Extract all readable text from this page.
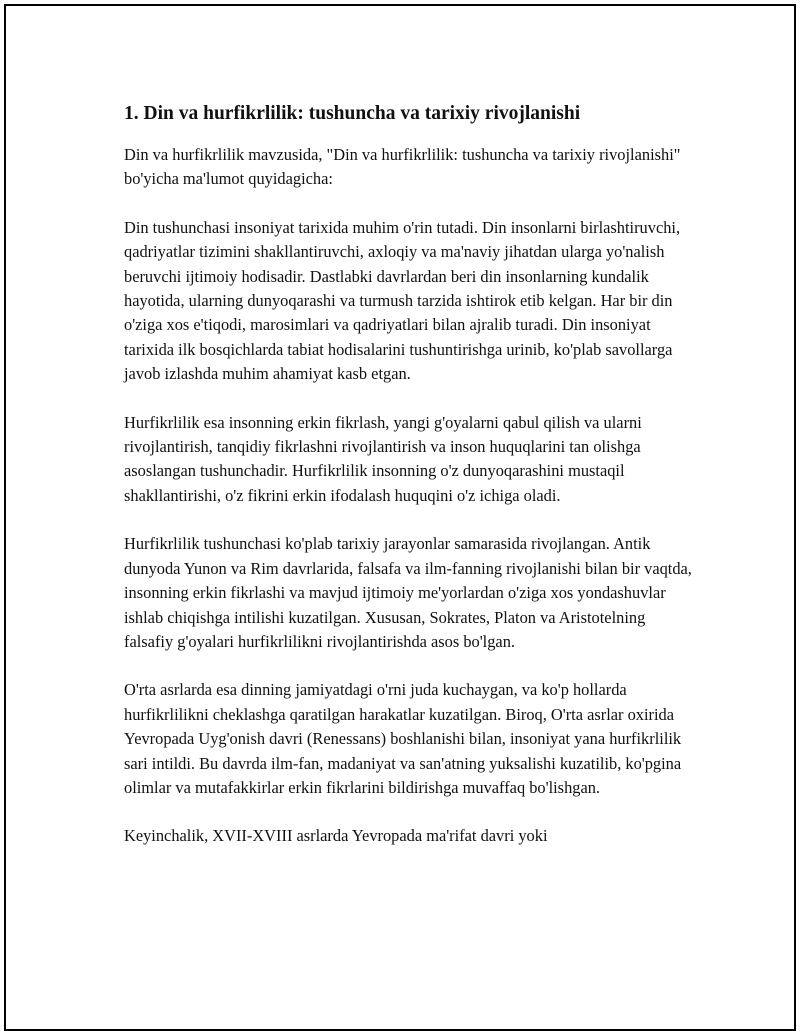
1. Din va hurfikrlilik: tushuncha va tarixiy rivojlanishi

Din va hurfikrlilik mavzusida, "Din va hurfikrlilik: tushuncha va tarixiy rivojlanishi" bo'yicha ma'lumot quyidagicha:

Din tushunchasi insoniyat tarixida muhim o'rin tutadi. Din insonlarni birlashtiruvchi, qadriyatlar tizimini shakllantiruvchi, axloqiy va ma'naviy jihatdan ularga yo'nalish beruvchi ijtimoiy hodisadir. Dastlabki davrlardan beri din insonlarning kundalik hayotida, ularning dunyoqarashi va turmush tarzida ishtirok etib kelgan. Har bir din o'ziga xos e'tiqodi, marosimlari va qadriyatlari bilan ajralib turadi. Din insoniyat tarixida ilk bosqichlarda tabiat hodisalarini tushuntirishga urinib, ko'plab savollarga javob izlashda muhim ahamiyat kasb etgan.

Hurfikrlilik esa insonning erkin fikrlash, yangi g'oyalarni qabul qilish va ularni rivojlantirish, tanqidiy fikrlashni rivojlantirish va inson huquqlarini tan olishga asoslangan tushunchadir. Hurfikrlilik insonning o'z dunyoqarashini mustaqil shakllantirishi, o'z fikrini erkin ifodalash huquqini o'z ichiga oladi.

Hurfikrlilik tushunchasi ko'plab tarixiy jarayonlar samarasida rivojlangan. Antik dunyoda Yunon va Rim davrlarida, falsafa va ilm-fanning rivojlanishi bilan bir vaqtda, insonning erkin fikrlashi va mavjud ijtimoiy me'yorlardan o'ziga xos yondashuvlar ishlab chiqishga intilishi kuzatilgan. Xususan, Sokrates, Platon va Aristotelning falsafiy g'oyalari hurfikrlilikni rivojlantirishda asos bo'lgan.

O'rta asrlarda esa dinning jamiyatdagi o'rni juda kuchaygan, va ko'p hollarda hurfikrlilikni cheklashga qaratilgan harakatlar kuzatilgan. Biroq, O'rta asrlar oxirida Yevropada Uyg'onish davri (Renessans) boshlanishi bilan, insoniyat yana hurfikrlilik sari intildi. Bu davrda ilm-fan, madaniyat va san'atning yuksalishi kuzatilib, ko'pgina olimlar va mutafakkirlar erkin fikrlarini bildirishga muvaffaq bo'lishgan.

Keyinchalik, XVII-XVIII asrlarda Yevropada ma'rifat davri yoki
